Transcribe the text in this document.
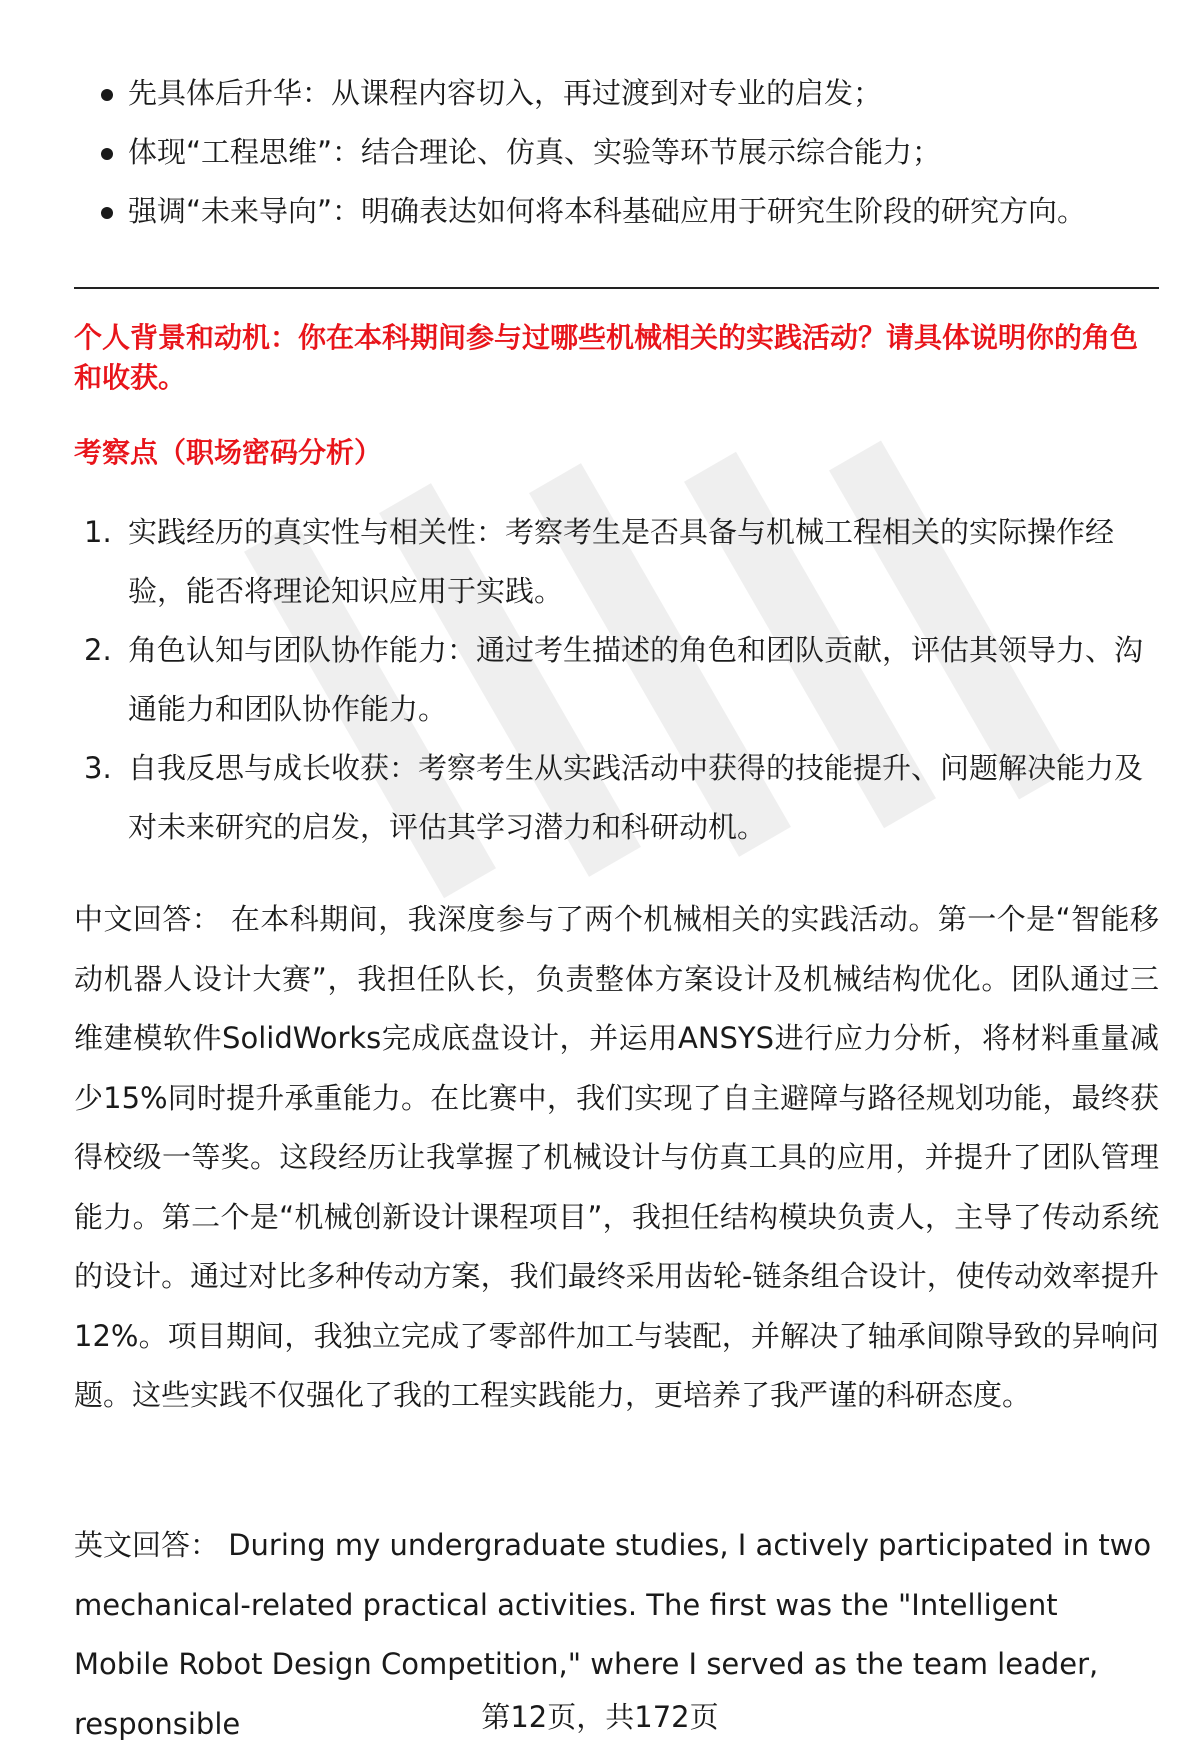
先具体后升华：从课程内容切入，再过渡到对专业的启发；
体现“工程思维”：结合理论、仿真、实验等环节展示综合能力；
强调“未来导向”：明确表达如何将本科基础应用于研究生阶段的研究方向。
个人背景和动机：你在本科期间参与过哪些机械相关的实践活动？请具体说明你的角色和收获。
考察点（职场密码分析）
1. 实践经历的真实性与相关性：考察考生是否具备与机械工程相关的实际操作经验，能否将理论知识应用于实践。
2. 角色认知与团队协作能力：通过考生描述的角色和团队贡献，评估其领导力、沟通能力和团队协作能力。
3. 自我反思与成长收获：考察考生从实践活动中获得的技能提升、问题解决能力及对未来研究的启发，评估其学习潜力和科研动机。
中文回答： 在本科期间，我深度参与了两个机械相关的实践活动。第一个是“智能移动机器人设计大赛”，我担任队长，负责整体方案设计及机械结构优化。团队通过三维建模软件SolidWorks完成底盘设计，并运用ANSYS进行应力分析，将材料重量减少15%同时提升承重能力。在比赛中，我们实现了自主避障与路径规划功能，最终获得校级一等奖。这段经历让我掌握了机械设计与仿真工具的应用，并提升了团队管理能力。第二个是“机械创新设计课程项目”，我担任结构模块负责人，主导了传动系统的设计。通过对比多种传动方案，我们最终采用齿轮-链条组合设计，使传动效率提升12%。项目期间，我独立完成了零部件加工与装配，并解决了轴承间隙导致的异响问题。这些实践不仅强化了我的工程实践能力，更培养了我严谨的科研态度。
英文回答： During my undergraduate studies, I actively participated in two mechanical-related practical activities. The first was the "Intelligent Mobile Robot Design Competition," where I served as the team leader, responsible	第12页，共172页
